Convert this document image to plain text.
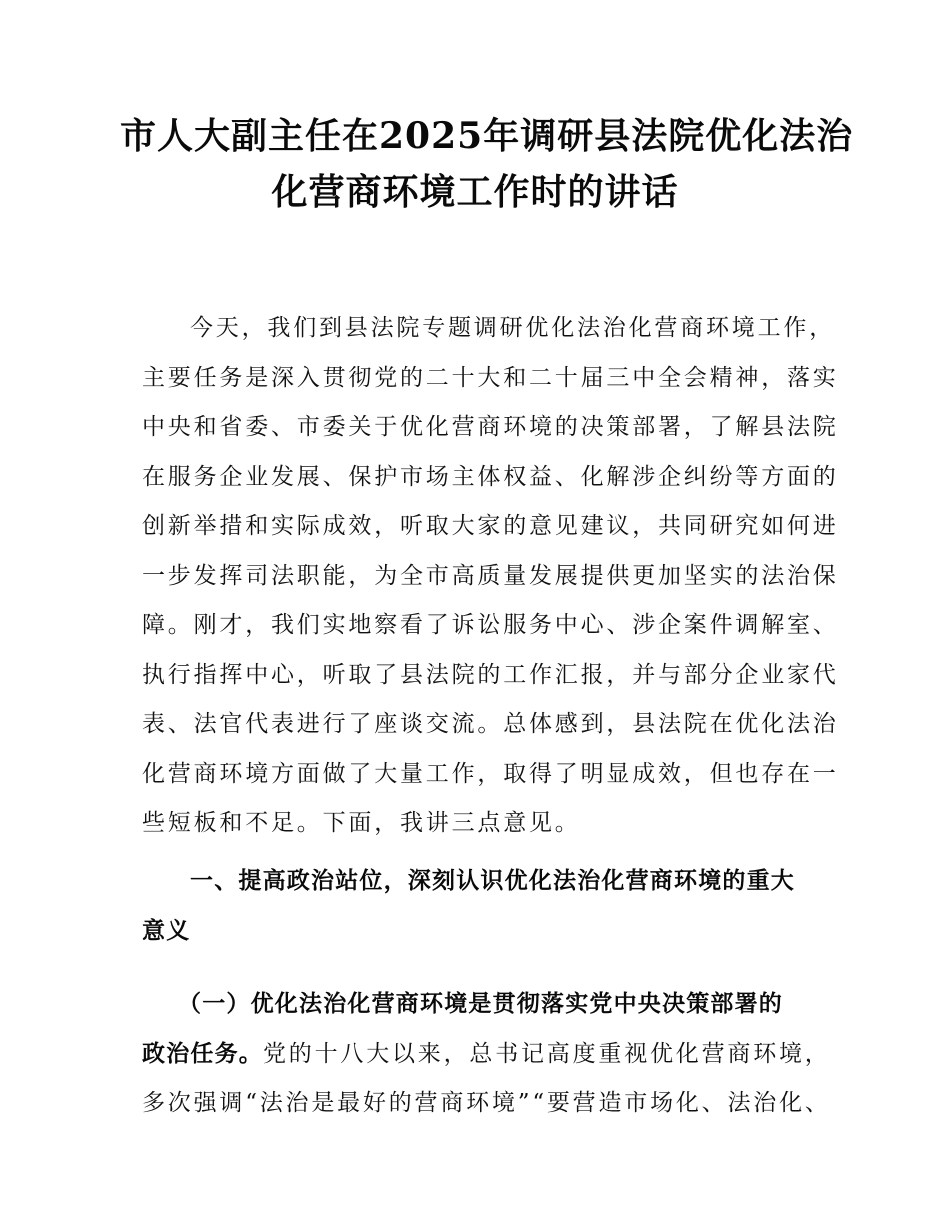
市人大副主任在2025年调研县法院优化法治
化营商环境工作时的讲话
今天，我们到县法院专题调研优化法治化营商环境工作，
主要任务是深入贯彻党的二十大和二十届三中全会精神，落实
中央和省委、市委关于优化营商环境的决策部署，了解县法院
在服务企业发展、保护市场主体权益、化解涉企纠纷等方面的
创新举措和实际成效，听取大家的意见建议，共同研究如何进
一步发挥司法职能，为全市高质量发展提供更加坚实的法治保
障。刚才，我们实地察看了诉讼服务中心、涉企案件调解室、
执行指挥中心，听取了县法院的工作汇报，并与部分企业家代
表、法官代表进行了座谈交流。总体感到，县法院在优化法治
化营商环境方面做了大量工作，取得了明显成效，但也存在一
些短板和不足。下面，我讲三点意见。
一、提高政治站位，深刻认识优化法治化营商环境的重大
意义
（一）优化法治化营商环境是贯彻落实党中央决策部署的
政治任务。党的十八大以来，总书记高度重视优化营商环境，
多次强调“法治是最好的营商环境”“要营造市场化、法治化、
